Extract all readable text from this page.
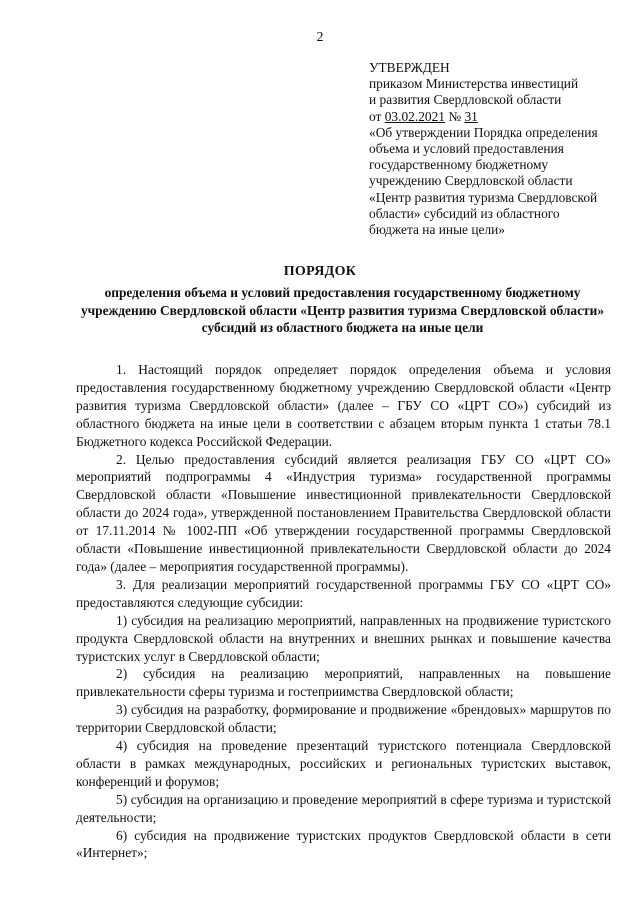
2
УТВЕРЖДЕН
приказом Министерства инвестиций
и развития Свердловской области
от 03.02.2021 № 31
«Об утверждении Порядка определения
объема и условий предоставления
государственному бюджетному
учреждению Свердловской области
«Центр развития туризма Свердловской
области» субсидий из областного
бюджета на иные цели»
ПОРЯДОК
определения объема и условий предоставления государственному бюджетному учреждению Свердловской области «Центр развития туризма Свердловской области» субсидий из областного бюджета на иные цели

1. Настоящий порядок определяет порядок определения объема и условия предоставления государственному бюджетному учреждению Свердловской области «Центр развития туризма Свердловской области» (далее – ГБУ СО «ЦРТ СО») субсидий из областного бюджета на иные цели в соответствии с абзацем вторым пункта 1 статьи 78.1 Бюджетного кодекса Российской Федерации.

2. Целью предоставления субсидий является реализация ГБУ СО «ЦРТ СО» мероприятий подпрограммы 4 «Индустрия туризма» государственной программы Свердловской области «Повышение инвестиционной привлекательности Свердловской области до 2024 года», утвержденной постановлением Правительства Свердловской области от 17.11.2014 № 1002-ПП «Об утверждении государственной программы Свердловской области «Повышение инвестиционной привлекательности Свердловской области до 2024 года» (далее – мероприятия государственной программы).

3. Для реализации мероприятий государственной программы ГБУ СО «ЦРТ СО» предоставляются следующие субсидии:

1) субсидия на реализацию мероприятий, направленных на продвижение туристского продукта Свердловской области на внутренних и внешних рынках и повышение качества туристских услуг в Свердловской области;

2) субсидия на реализацию мероприятий, направленных на повышение привлекательности сферы туризма и гостеприимства Свердловской области;

3) субсидия на разработку, формирование и продвижение «брендовых» маршрутов по территории Свердловской области;

4) субсидия на проведение презентаций туристского потенциала Свердловской области в рамках международных, российских и региональных туристских выставок, конференций и форумов;

5) субсидия на организацию и проведение мероприятий в сфере туризма и туристской деятельности;

6) субсидия на продвижение туристских продуктов Свердловской области в сети «Интернет»;
